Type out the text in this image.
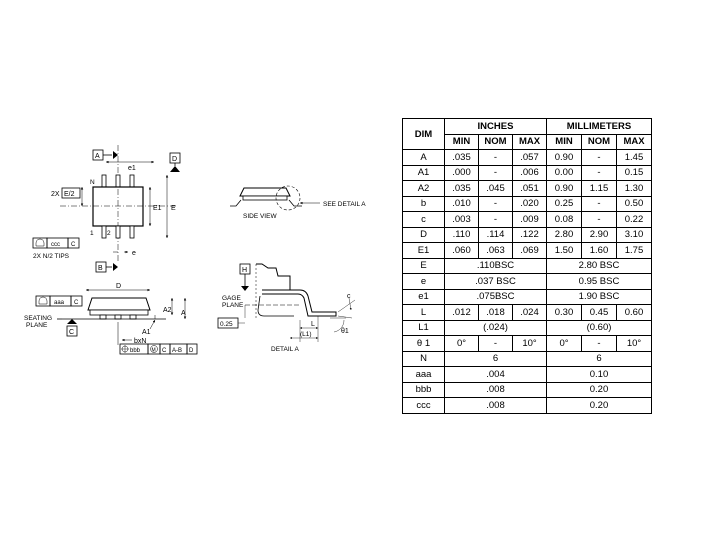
A
e1
D
N
1 2
2X E/2
E1 E
ccc C
2X N/2 TIPS
B
e
SEE DETAIL A
SIDE VIEW
D
aaa C
SEATING
PLANE
C
A2 A
A1
bxN
bbb M C A-B D
H
GAGE
PLANE
0.25	L
(L1)
c
θ1
DETAIL A
DIM	INCHES			MILLIMETERS		
	MIN	NOM	MAX	MIN	NOM	MAX
A	.035	-	.057	0.90	-	1.45
A1	.000	-	.006	0.00	-	0.15
A2	.035	.045	.051	0.90	1.15	1.30
b	.010	-	.020	0.25	-	0.50
c	.003	-	.009	0.08	-	0.22
D	.110	.114	.122	2.80	2.90	3.10
E1	.060	.063	.069	1.50	1.60	1.75
E	.110BSC			2.80 BSC		
e	.037 BSC			0.95 BSC		
e1	.075BSC			1.90 BSC		
L	.012	.018	.024	0.30	0.45	0.60
L1	(.024)			(0.60)		
θ 1	0°	-	10°	0°	-	10°
N	6			6		
aaa	.004			0.10		
bbb	.008			0.20		
ccc	.008			0.20		
